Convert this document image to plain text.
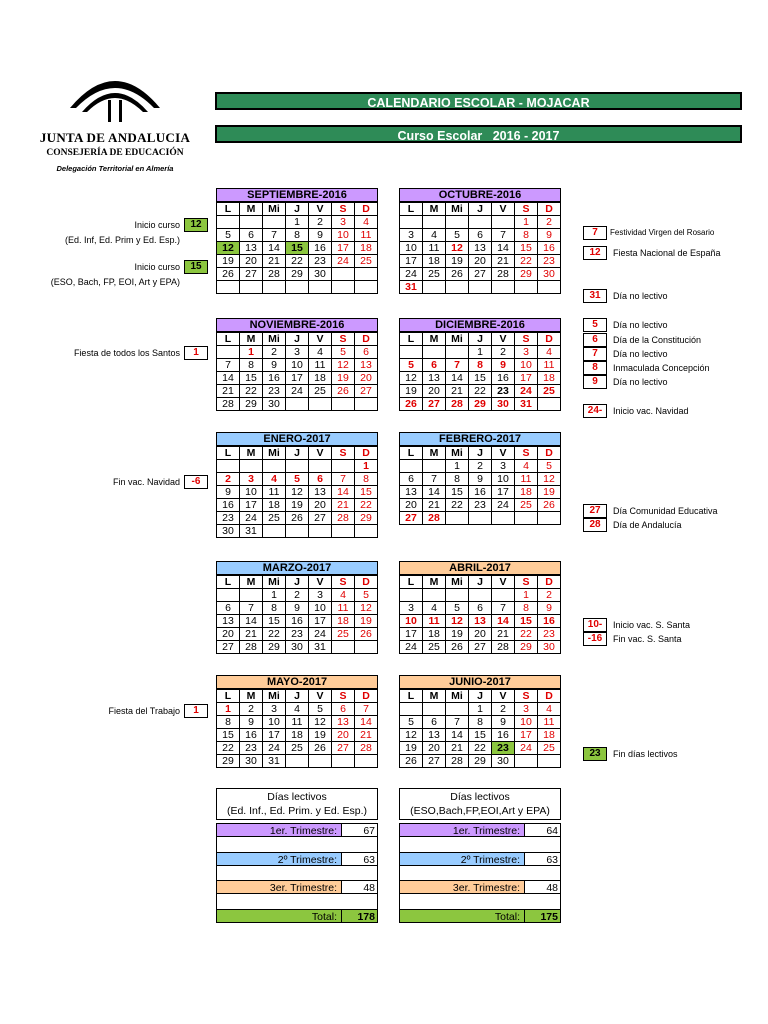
JUNTA DE ANDALUCIA
CONSEJERÍA DE EDUCACIÓN
Delegación Territorial en Almería
CALENDARIO ESCOLAR - MOJACAR
Curso Escolar 2016 - 2017
SEPTIEMBRE-2016
L	M	Mi	J	V	S	D
			1	2	3	4
5	6	7	8	9	10	11
12	13	14	15	16	17	18
19	20	21	22	23	24	25
26	27	28	29	30		

OCTUBRE-2016
L	M	Mi	J	V	S	D
					1	2
3	4	5	6	7	8	9
10	11	12	13	14	15	16
17	18	19	20	21	22	23
24	25	26	27	28	29	30
31						
NOVIEMBRE-2016
L	M	Mi	J	V	S	D
	1	2	3	4	5	6
7	8	9	10	11	12	13
14	15	16	17	18	19	20
21	22	23	24	25	26	27
28	29	30				
DICIEMBRE-2016
L	M	Mi	J	V	S	D
			1	2	3	4
5	6	7	8	9	10	11
12	13	14	15	16	17	18
19	20	21	22	23	24	25
26	27	28	29	30	31	
ENERO-2017
L	M	Mi	J	V	S	D
						1
2	3	4	5	6	7	8
9	10	11	12	13	14	15
16	17	18	19	20	21	22
23	24	25	26	27	28	29
30	31					
FEBRERO-2017
L	M	Mi	J	V	S	D
		1	2	3	4	5
6	7	8	9	10	11	12
13	14	15	16	17	18	19
20	21	22	23	24	25	26
27	28					
MARZO-2017
L	M	Mi	J	V	S	D
		1	2	3	4	5
6	7	8	9	10	11	12
13	14	15	16	17	18	19
20	21	22	23	24	25	26
27	28	29	30	31		
ABRIL-2017
L	M	Mi	J	V	S	D
					1	2
3	4	5	6	7	8	9
10	11	12	13	14	15	16
17	18	19	20	21	22	23
24	25	26	27	28	29	30
MAYO-2017
L	M	Mi	J	V	S	D
1	2	3	4	5	6	7
8	9	10	11	12	13	14
15	16	17	18	19	20	21
22	23	24	25	26	27	28
29	30	31				
JUNIO-2017
L	M	Mi	J	V	S	D
			1	2	3	4
5	6	7	8	9	10	11
12	13	14	15	16	17	18
19	20	21	22	23	24	25
26	27	28	29	30		
Inicio curso	12
(Ed. Inf, Ed. Prim y Ed. Esp.)
Inicio curso	15
(ESO, Bach, FP, EOI, Art y EPA)
Fiesta de todos los Santos	1
Fin vac. Navidad	-6
Fiesta del Trabajo	1
7	Festividad Virgen del Rosario
12	Fiesta Nacional de España
31	Día no lectivo
5	Día no lectivo
6	Día de la Constitución
7	Día no lectivo
8	Inmaculada Concepción
9	Día no lectivo
24-	Inicio vac. Navidad
27	Día Comunidad Educativa
28	Día de Andalucía
10-	Inicio vac. S. Santa
-16	Fin vac. S. Santa
23	Fin días lectivos
Días lectivos
(Ed. Inf., Ed. Prim. y Ed. Esp.)
1er. Trimestre:	67
2º Trimestre:	63
3er. Trimestre:	48
Total:	178
Días lectivos
(ESO,Bach,FP,EOI,Art y EPA)
1er. Trimestre:	64
2º Trimestre:	63
3er. Trimestre:	48
Total:	175
